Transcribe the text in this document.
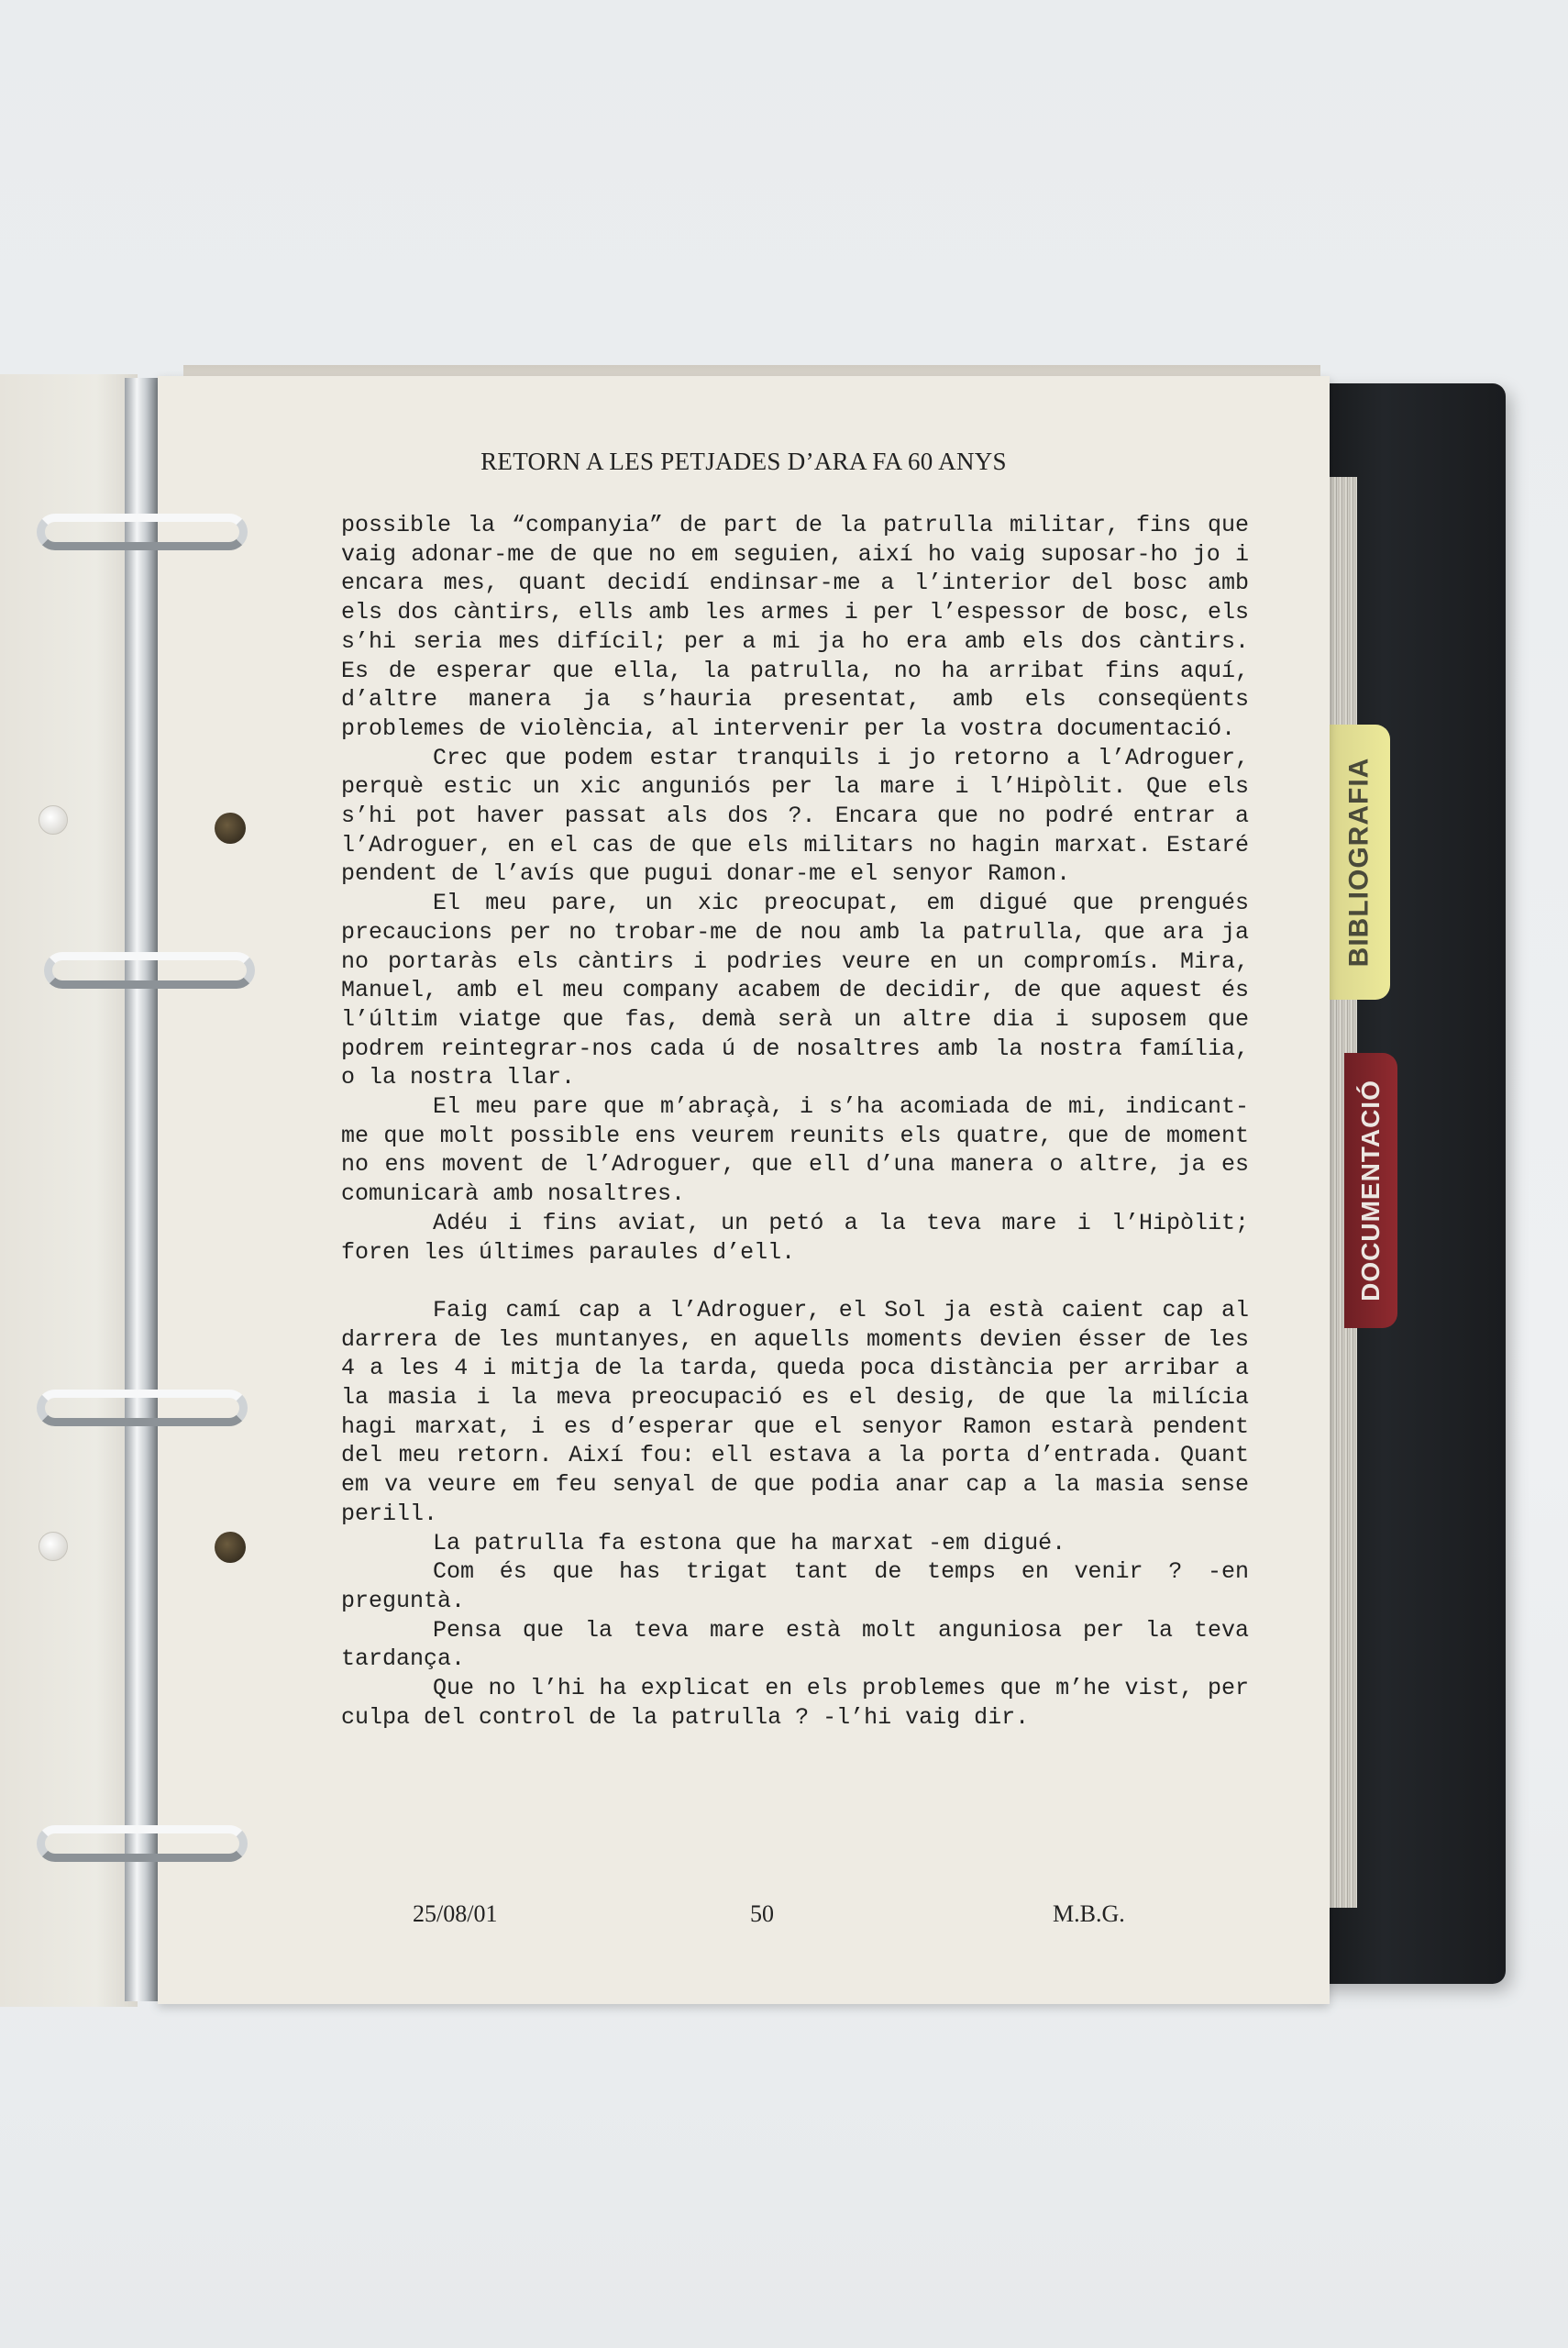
BIBLIOGRAFIA
DOCUMENTACIÓ
RETORN A LES PETJADES D’ARA FA 60 ANYS

possible la “companyia” de part de la patrulla militar, fins que vaig adonar-me de que no em seguien, així ho vaig suposar-ho jo i encara mes, quant decidí endinsar-me a l’interior del bosc amb els dos càntirs, ells amb les armes i per l’espessor de bosc, els s’hi seria mes difícil; per a mi ja ho era amb els dos càntirs. Es de esperar que ella, la patrulla, no ha arribat fins aquí, d’altre manera ja s’hauria presentat, amb els conseqüents problemes de violència, al intervenir per la vostra documentació.

Crec que podem estar tranquils i jo retorno a l’Adroguer, perquè estic un xic anguniós per la mare i l’Hipòlit. Que els s’hi pot haver passat als dos ?. Encara que no podré entrar a l’Adroguer, en el cas de que els militars no hagin marxat. Estaré pendent de l’avís que pugui donar-me el senyor Ramon.

El meu pare, un xic preocupat, em digué que prengués precaucions per no trobar-me de nou amb la patrulla, que ara ja no portaràs els càntirs i podries veure en un compromís. Mira, Manuel, amb el meu company acabem de decidir, de que aquest és l’últim viatge que fas, demà serà un altre dia i suposem que podrem reintegrar-nos cada ú de nosaltres amb la nostra família, o la nostra llar.

El meu pare que m’abraçà, i s’ha acomiada de mi, indicant-me que molt possible ens veurem reunits els quatre, que de moment no ens movent de l’Adroguer, que ell d’una manera o altre, ja es comunicarà amb nosaltres.

Adéu i fins aviat, un petó a la teva mare i l’Hipòlit; foren les últimes paraules d’ell.

Faig camí cap a l’Adroguer, el Sol ja està caient cap al darrera de les muntanyes, en aquells moments devien ésser de les 4 a les 4 i mitja de la tarda, queda poca distància per arribar a la masia i la meva preocupació es el desig, de que la milícia hagi marxat, i es d’esperar que el senyor Ramon estarà pendent del meu retorn. Així fou: ell estava a la porta d’entrada. Quant em va veure em feu senyal de que podia anar cap a la masia sense perill.

La patrulla fa estona que ha marxat -em digué.

Com és que has trigat tant de temps en venir ? -en preguntà.

Pensa que la teva mare està molt anguniosa per la teva tardança.

Que no l’hi ha explicat en els problemes que m’he vist, per culpa del control de la patrulla ? -l’hi vaig dir.

25/08/01	50	M.B.G.
